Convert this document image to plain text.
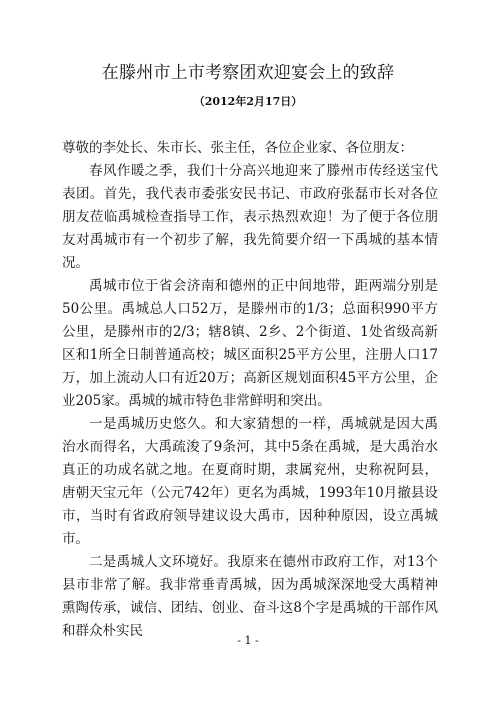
在滕州市上市考察团欢迎宴会上的致辞
（2012年2月17日）

尊敬的李处长、朱市长、张主任，各位企业家、各位朋友：

春风作暖之季，我们十分高兴地迎来了滕州市传经送宝代表团。首先，我代表市委张安民书记、市政府张磊市长对各位朋友莅临禹城检查指导工作，表示热烈欢迎！为了便于各位朋友对禹城市有一个初步了解，我先简要介绍一下禹城的基本情况。

禹城市位于省会济南和德州的正中间地带，距两端分别是50公里。禹城总人口52万，是滕州市的1/3；总面积990平方公里，是滕州市的2/3；辖8镇、2乡、2个街道、1处省级高新区和1所全日制普通高校；城区面积25平方公里，注册人口17万，加上流动人口有近20万；高新区规划面积45平方公里，企业205家。禹城的城市特色非常鲜明和突出。

一是禹城历史悠久。和大家猜想的一样，禹城就是因大禹治水而得名，大禹疏浚了9条河，其中5条在禹城，是大禹治水真正的功成名就之地。在夏商时期，隶属兖州，史称祝阿县，唐朝天宝元年（公元742年）更名为禹城，1993年10月撤县设市，当时有省政府领导建议设大禹市，因种种原因，设立禹城市。

二是禹城人文环境好。我原来在德州市政府工作，对13个县市非常了解。我非常垂青禹城，因为禹城深深地受大禹精神熏陶传承，诚信、团结、创业、奋斗这8个字是禹城的干部作风和群众朴实民

- 1 -
